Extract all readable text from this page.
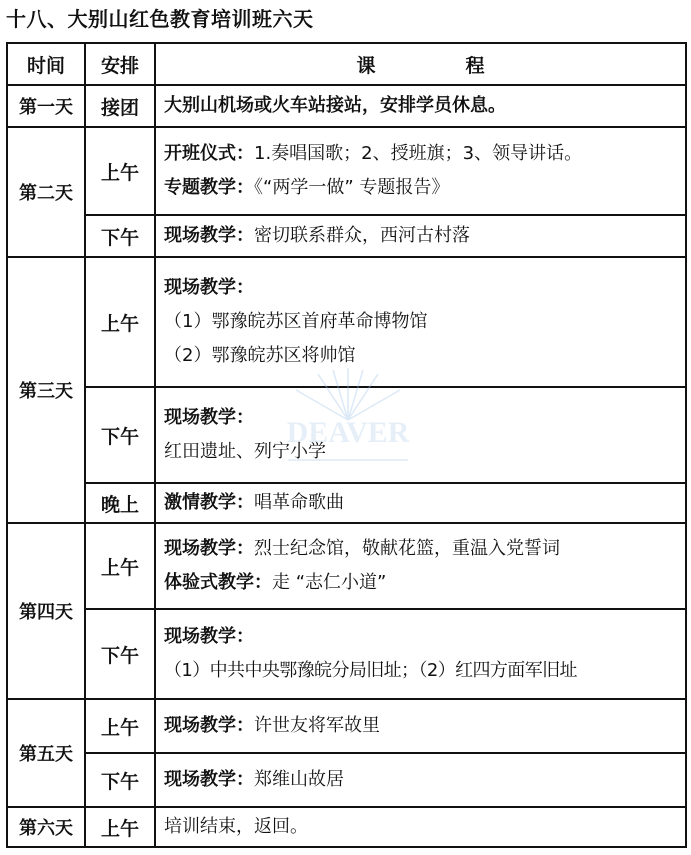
十八、大别山红色教育培训班六天
时间	安排	课程
第一天	接团	大别山机场或火车站接站，安排学员休息。

第二天	上午	开班仪式：1.奏唱国歌；2、授班旗；3、领导讲话。
专题教学：《“两学一做” 专题报告》

	下午	现场教学：密切联系群众，西河古村落

第三天	上午	现场教学：
（1）鄂豫皖苏区首府革命博物馆
（2）鄂豫皖苏区将帅馆

	下午	现场教学：
红田遗址、列宁小学

	晚上	激情教学：唱革命歌曲

第四天	上午	现场教学：烈士纪念馆，敬献花篮，重温入党誓词
体验式教学：走 “志仁小道”

	下午	现场教学：
（1）中共中央鄂豫皖分局旧址；（2）红四方面军旧址

第五天	上午	现场教学：许世友将军故里

	下午	现场教学：郑维山故居

第六天	上午	培训结束，返回。
DEAVER
